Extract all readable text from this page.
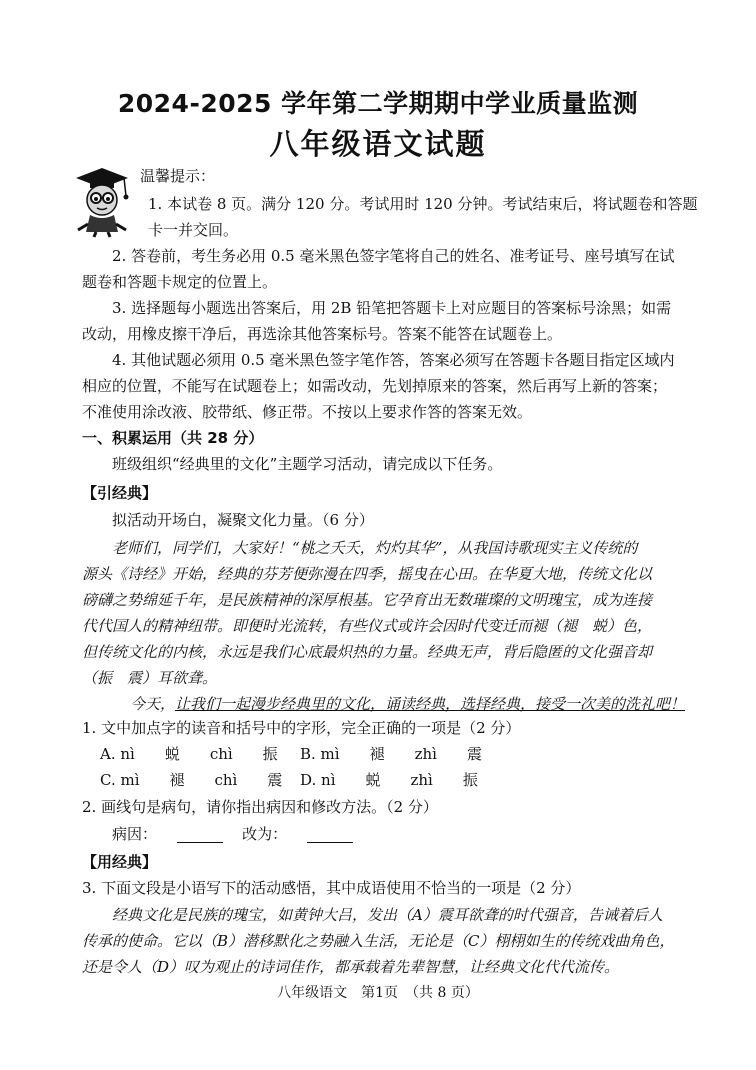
2024-2025 学年第二学期期中学业质量监测
八年级语文试题
温馨提示：
1. 本试卷 8 页。满分 120 分。考试用时 120 分钟。考试结束后，将试题卷和答题
卡一并交回。
2. 答卷前，考生务必用 0.5 毫米黑色签字笔将自己的姓名、准考证号、座号填写在试
题卷和答题卡规定的位置上。
3. 选择题每小题选出答案后，用 2B 铅笔把答题卡上对应题目的答案标号涂黑；如需
改动，用橡皮擦干净后，再选涂其他答案标号。答案不能答在试题卷上。
4. 其他试题必须用 0.5 毫米黑色签字笔作答，答案必须写在答题卡各题目指定区域内
相应的位置，不能写在试题卷上；如需改动，先划掉原来的答案，然后再写上新的答案；
不准使用涂改液、胶带纸、修正带。不按以上要求作答的答案无效。
一、积累运用（共 28 分）
班级组织“经典里的文化”主题学习活动，请完成以下任务。
【引经典】
拟活动开场白，凝聚文化力量。（6 分）
老师们，同学们，大家好！“桃之夭夭，灼灼其华”，从我国诗歌现实主义传统的
源头《诗经》开始，经典的芬芳便弥漫在四季，摇曳在心田。在华夏大地，传统文化以
磅礴之势绵延千年，是民族精神的深厚根基。它孕育出无数璀璨的文明瑰宝，成为连接
代代国人的精神纽带。即便时光流转，有些仪式或许会因时代变迁而褪（褪　蜕）色，
但传统文化的内核，永远是我们心底最炽热的力量。经典无声，背后隐匿的文化强音却
（振　震）耳欲聋。
今天，让我们一起漫步经典里的文化，诵读经典，选择经典，接受一次美的洗礼吧！
1. 文中加点字的读音和括号中的字形，完全正确的一项是（2 分）
A. nì　　蜕　　chì　　振 B. mì　　褪　　zhì　　震
C. mì　　褪　　chì　　震 D. nì　　蜕　　zhì　　振
2. 画线句是病句，请你指出病因和修改方法。（2 分）
病因：	改为：
【用经典】
3. 下面文段是小语写下的活动感悟，其中成语使用不恰当的一项是（2 分）
经典文化是民族的瑰宝，如黄钟大吕，发出（A）震耳欲聋的时代强音，告诫着后人
传承的使命。它以（B）潜移默化之势融入生活，无论是（C）栩栩如生的传统戏曲角色，
还是令人（D）叹为观止的诗词佳作，都承载着先辈智慧，让经典文化代代流传。
八年级语文　第1页　（共 8 页）
